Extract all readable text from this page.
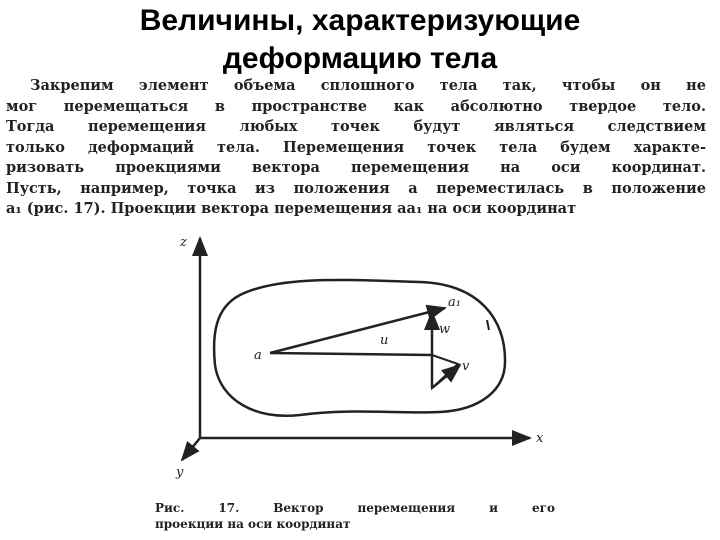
Величины, характеризующие
деформацию тела
Закрепим элемент объема сплошного тела так, чтобы он не
мог перемещаться в пространстве как абсолютно твердое тело.
Тогда перемещения любых точек будут являться следствием
только деформаций тела. Перемещения точек тела будем характе-
ризовать проекциями вектора перемещения на оси координат.
Пусть, например, точка из положения a переместилась в положение
a₁ (рис. 17). Проекции вектора перемещения aa₁ на оси координат
z
x
y
a
a₁
u
w
v
Рис. 17. Вектор перемещения и его
проекции на оси координат
